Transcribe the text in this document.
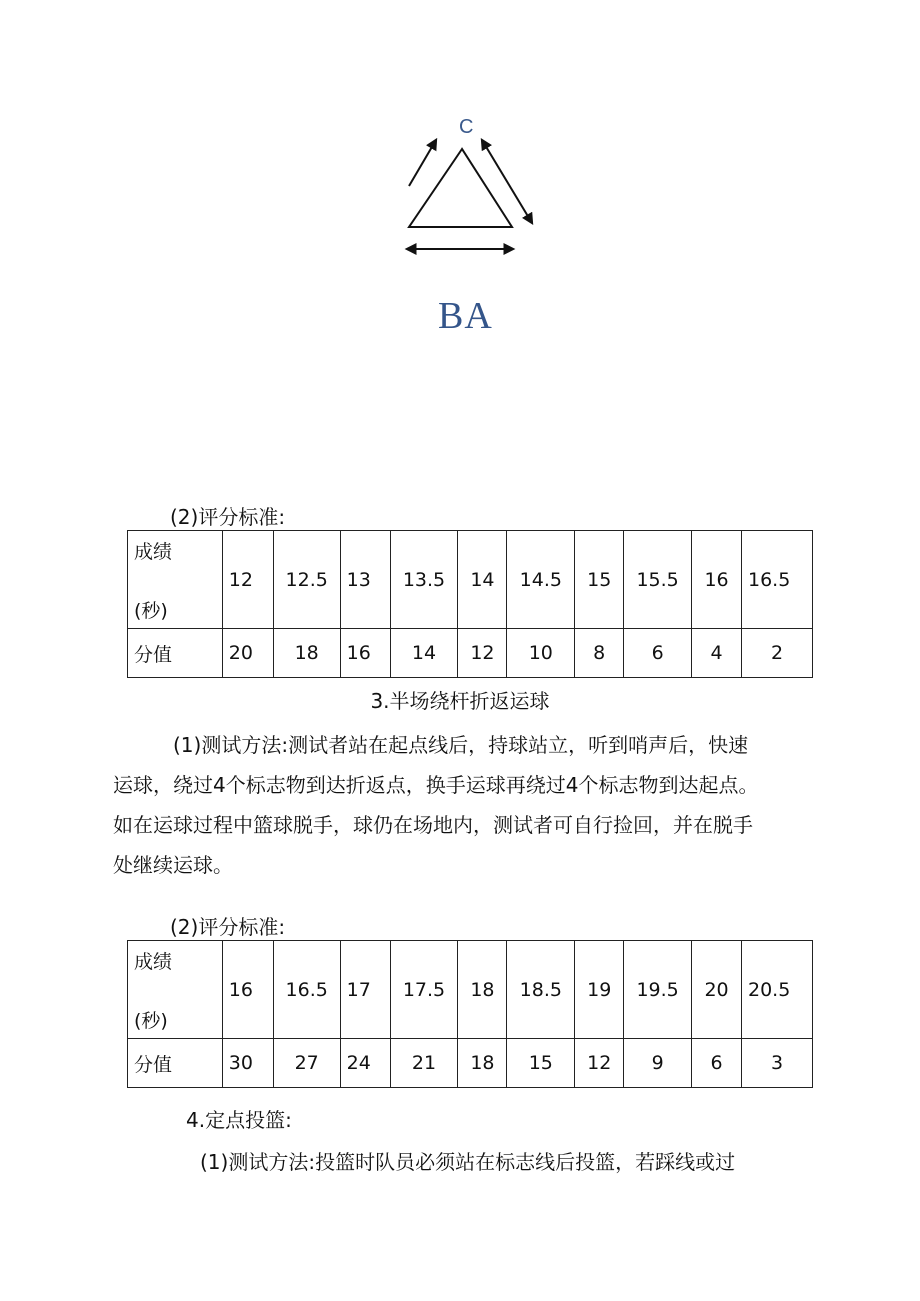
C
BA
(2)评分标准:
成绩
(秒)	12	12.5	13	13.5	14	14.5	15	15.5	16	16.5
分值	20	18	16	14	12	10	8	6	4	2
3.半场绕杆折返运球
(1)测试方法:测试者站在起点线后，持球站立，听到哨声后，快速
运球，绕过4个标志物到达折返点，换手运球再绕过4个标志物到达起点。
如在运球过程中篮球脱手，球仍在场地内，测试者可自行捡回，并在脱手
处继续运球。
(2)评分标准:
成绩
(秒)	16	16.5	17	17.5	18	18.5	19	19.5	20	20.5
分值	30	27	24	21	18	15	12	9	6	3
4.定点投篮:
(1)测试方法:投篮时队员必须站在标志线后投篮，若踩线或过
